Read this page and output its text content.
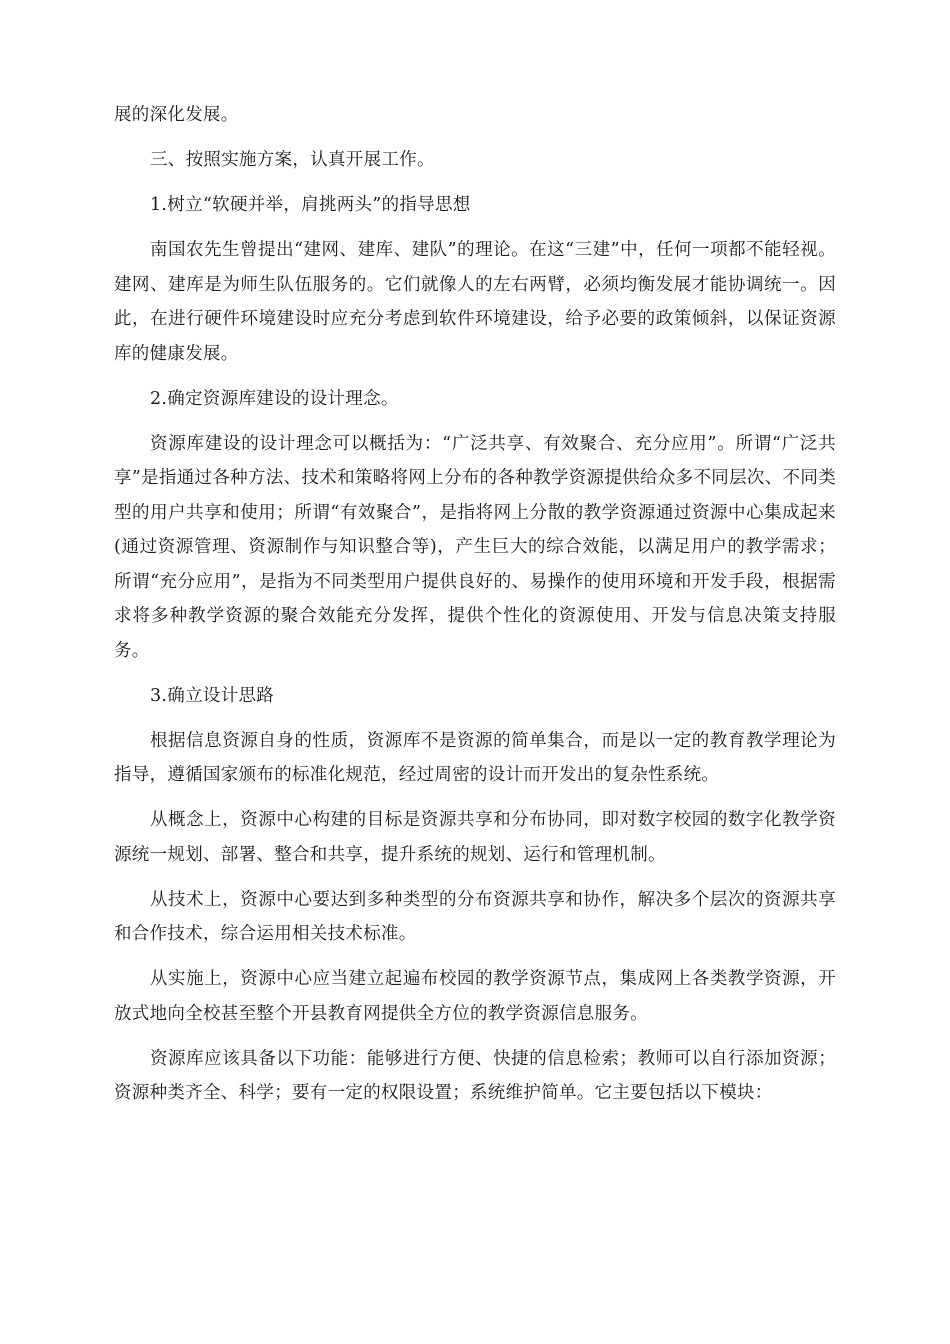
展的深化发展。

三、按照实施方案，认真开展工作。

1.树立“软硬并举，肩挑两头”的指导思想

南国农先生曾提出“建网、建库、建队”的理论。在这“三建”中，任何一项都不能轻视。建网、建库是为师生队伍服务的。它们就像人的左右两臂，必须均衡发展才能协调统一。因此，在进行硬件环境建设时应充分考虑到软件环境建设，给予必要的政策倾斜，以保证资源库的健康发展。

2.确定资源库建设的设计理念。

资源库建设的设计理念可以概括为：“广泛共享、有效聚合、充分应用”。所谓“广泛共享”是指通过各种方法、技术和策略将网上分布的各种教学资源提供给众多不同层次、不同类型的用户共享和使用；所谓“有效聚合”，是指将网上分散的教学资源通过资源中心集成起来(通过资源管理、资源制作与知识整合等)，产生巨大的综合效能，以满足用户的教学需求；所谓“充分应用”，是指为不同类型用户提供良好的、易操作的使用环境和开发手段，根据需求将多种教学资源的聚合效能充分发挥，提供个性化的资源使用、开发与信息决策支持服务。

3.确立设计思路

根据信息资源自身的性质，资源库不是资源的简单集合，而是以一定的教育教学理论为指导，遵循国家颁布的标准化规范，经过周密的设计而开发出的复杂性系统。

从概念上，资源中心构建的目标是资源共享和分布协同，即对数字校园的数字化教学资源统一规划、部署、整合和共享，提升系统的规划、运行和管理机制。

从技术上，资源中心要达到多种类型的分布资源共享和协作，解决多个层次的资源共享和合作技术，综合运用相关技术标准。

从实施上，资源中心应当建立起遍布校园的教学资源节点，集成网上各类教学资源，开放式地向全校甚至整个开县教育网提供全方位的教学资源信息服务。

资源库应该具备以下功能：能够进行方便、快捷的信息检索；教师可以自行添加资源；资源种类齐全、科学；要有一定的权限设置；系统维护简单。它主要包括以下模块：
